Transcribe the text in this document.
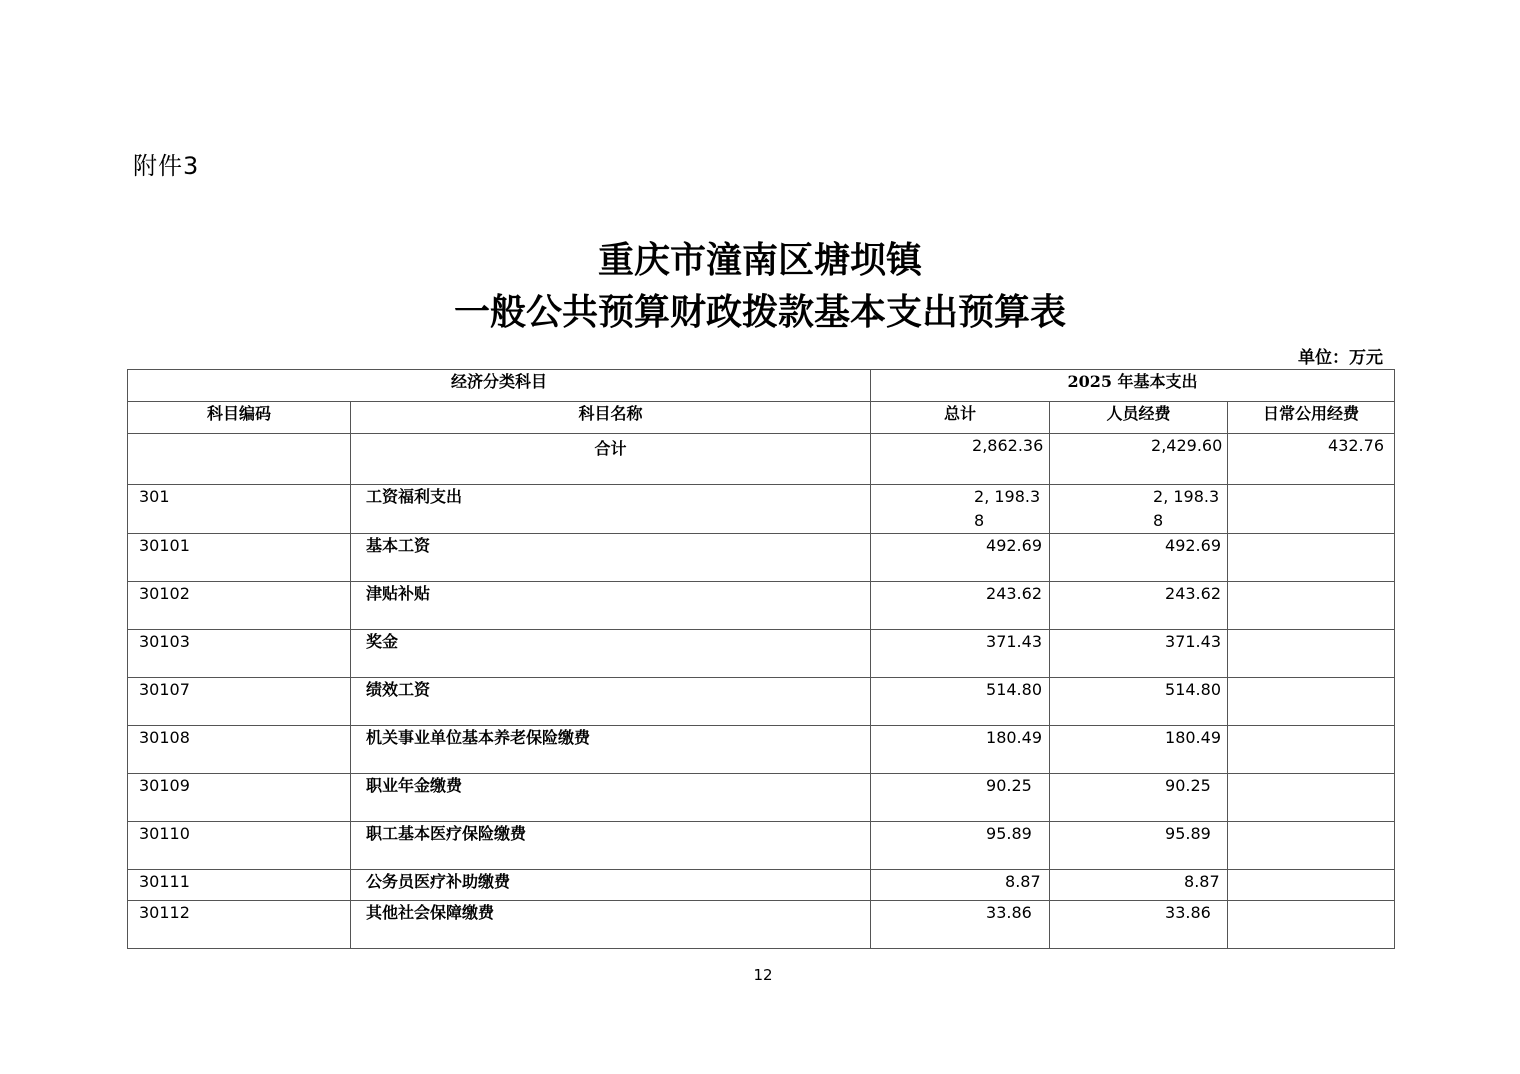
附件3
重庆市潼南区塘坝镇
一般公共预算财政拨款基本支出预算表
单位：万元
经济分类科目		2025 年基本支出		
科目编码	科目名称	总计	人员经费	日常公用经费
	合计	2,862.36	2,429.60	432.76

301	工资福利支出	2, 198.38	2, 198.38	

30101	基本工资	492.69	492.69	

30102	津贴补贴	243.62	243.62	

30103	奖金	371.43	371.43	

30107	绩效工资	514.80	514.80	

30108	机关事业单位基本养老保险缴费	180.49	180.49	

30109	职业年金缴费	90.25	90.25	

30110	职工基本医疗保险缴费	95.89	95.89	

30111	公务员医疗补助缴费	8.87	8.87	

30112	其他社会保障缴费	33.86	33.86	

12
